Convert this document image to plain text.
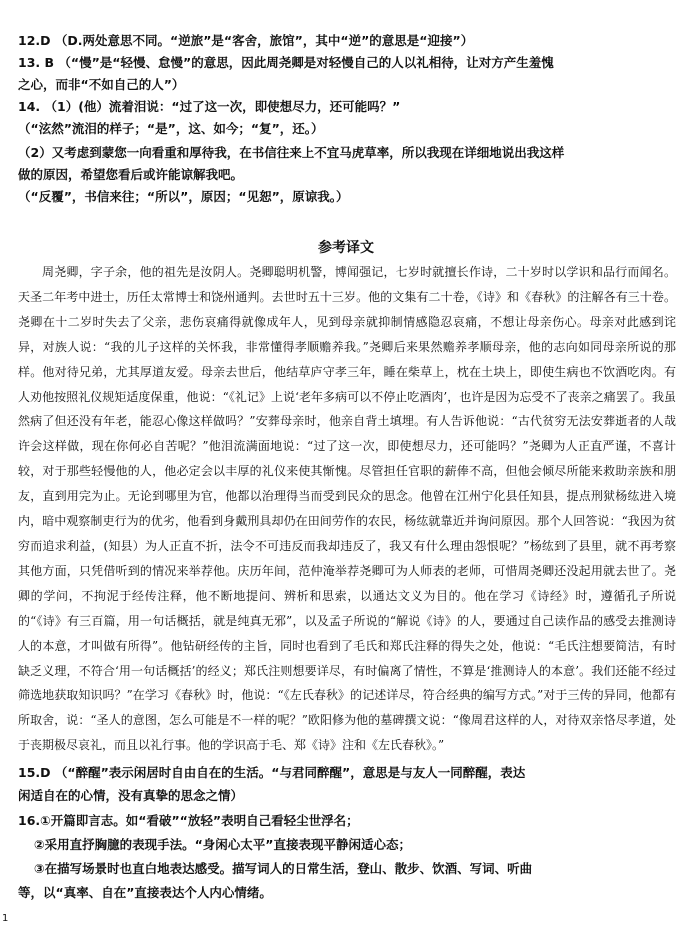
12.D （D.两处意思不同。“逆旅”是“客舍，旅馆”，其中“逆”的意思是“迎接”）
13. B （“慢”是“轻慢、怠慢”的意思，因此周尧卿是对轻慢自己的人以礼相待，让对方产生羞愧
之心，而非“不如自己的人”）
14. （1）(他）流着泪说：“过了这一次，即使想尽力，还可能吗？”
（“泫然”流泪的样子；“是”，这、如今；“复”，还。）
（2）又考虑到蒙您一向看重和厚待我，在书信往来上不宜马虎草率，所以我现在详细地说出我这样
做的原因，希望您看后或许能谅解我吧。
（“反覆”，书信来往；“所以”，原因；“见恕”，原谅我。）
参考译文
周尧卿，字子余，他的祖先是汝阴人。尧卿聪明机警，博闻强记，七岁时就擅长作诗，二十岁时以学识和品行而闻名。天圣二年考中进士，历任太常博士和饶州通判。去世时五十三岁。他的文集有二十卷，《诗》和《春秋》的注解各有三十卷。尧卿在十二岁时失去了父亲，悲伤哀痛得就像成年人，见到母亲就抑制情感隐忍哀痛，不想让母亲伤心。母亲对此感到诧异，对族人说：“我的儿子这样的关怀我，非常懂得孝顺赡养我。”尧卿后来果然赡养孝顺母亲，他的志向如同母亲所说的那样。他对待兄弟，尤其厚道友爱。母亲去世后，他结草庐守孝三年，睡在柴草上，枕在土块上，即使生病也不饮酒吃肉。有人劝他按照礼仪规矩适度保重，他说：“《礼记》上说‘老年多病可以不停止吃酒肉’，也许是因为忘受不了丧亲之痛罢了。我虽然病了但还没有年老，能忍心像这样做吗？”安葬母亲时，他亲自背土填埋。有人告诉他说：“古代贫穷无法安葬逝者的人哉许会这样做，现在你何必自苦呢？”他泪流满面地说：“过了这一次，即使想尽力，还可能吗？”尧卿为人正直严谨，不喜计较，对于那些轻慢他的人，他必定会以丰厚的礼仪来使其惭愧。尽管担任官职的薪俸不高，但他会倾尽所能来救助亲族和朋友，直到用完为止。无论到哪里为官，他都以治理得当而受到民众的思念。他曾在江州宁化县任知县，提点刑狱杨纮进入境内，暗中观察制吏行为的优劣，他看到身戴刑具却仍在田间劳作的农民，杨纮就靠近并询问原因。那个人回答说：“我因为贫穷而追求利益，(知县）为人正直不折，法令不可违反而我却违反了，我又有什么理由怨恨呢？”杨纮到了县里，就不再考察其他方面，只凭借听到的情况来举荐他。庆历年间，范仲淹举荐尧卿可为人师表的老师，可惜周尧卿还没起用就去世了。尧卿的学问，不拘泥于经传注释，他不断地提问、辨析和思索，以通达文义为目的。他在学习《诗经》时，遵循孔子所说的“《诗》有三百篇，用一句话概括，就是纯真无邪”，以及孟子所说的“解说《诗》的人，要通过自己读作品的感受去推测诗人的本意，才叫做有所得”。他钻研经传的主旨，同时也看到了毛氏和郑氏注释的得失之处，他说：“毛氏注想要简洁，有时缺乏义理，不符合‘用一句话概括’的经义；郑氏注则想要详尽，有时偏离了情性，不算是‘推测诗人的本意’。我们还能不经过筛选地获取知识吗？”在学习《春秋》时，他说：“《左氏春秋》的记述详尽，符合经典的编写方式。”对于三传的异同，他都有所取舍，说：“圣人的意图，怎么可能是不一样的呢？”欧阳修为他的墓碑撰文说：“像周君这样的人，对待双亲恪尽孝道，处于丧期极尽哀礼，而且以礼行事。他的学识高于毛、郑《诗》注和《左氏春秋》。”
15.D （“醉醒”表示闲居时自由自在的生活。“与君同醉醒”，意思是与友人一同醉醒，表达
闲适自在的心情，没有真挚的思念之情）
16.①开篇即言志。如“看破”“放轻”表明自己看轻尘世浮名；
②采用直抒胸臆的表现手法。“身闲心太平”直接表现平静闲适心态；
③在描写场景时也直白地表达感受。描写词人的日常生活，登山、散步、饮酒、写词、听曲
等，以“真率、自在”直接表达个人内心情绪。
1
